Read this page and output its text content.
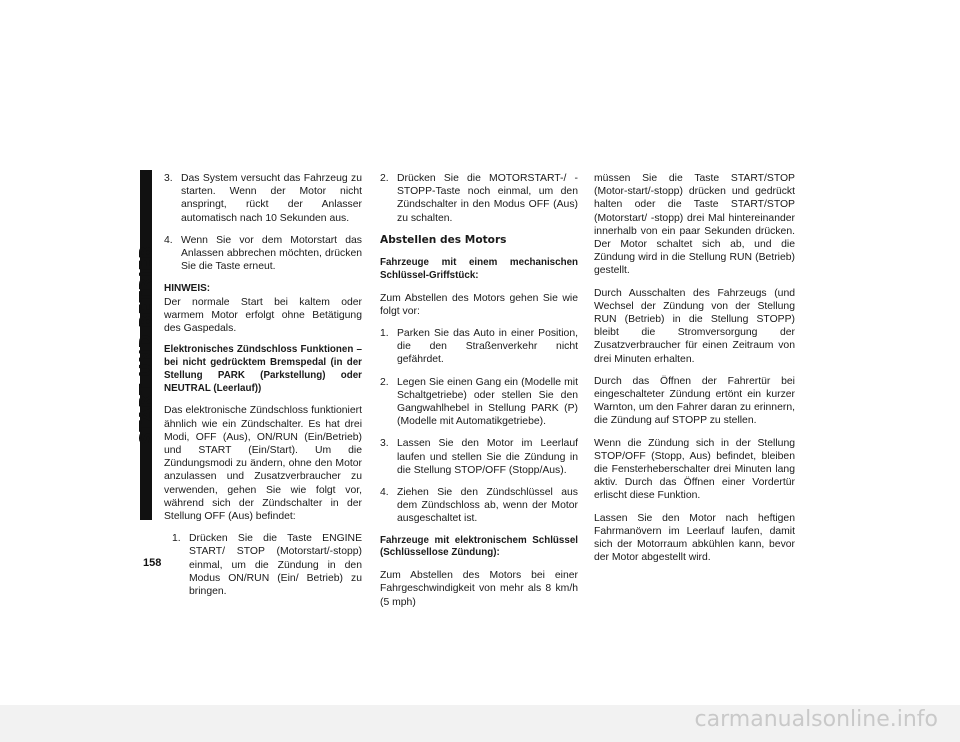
START UND BETRIEB
158
3. Das System versucht das Fahrzeug zu starten. Wenn der Motor nicht anspringt, rückt der Anlasser automatisch nach 10 Sekunden aus.
4. Wenn Sie vor dem Motorstart das Anlassen abbrechen möchten, drücken Sie die Taste erneut.

HINWEIS:

Der normale Start bei kaltem oder warmem Motor erfolgt ohne Betätigung des Gaspedals.

Elektronisches Zündschloss Funktionen – bei nicht gedrücktem Bremspedal (in der Stellung PARK (Parkstellung) oder NEUTRAL (Leerlauf))

Das elektronische Zündschloss funktioniert ähnlich wie ein Zündschalter. Es hat drei Modi, OFF (Aus), ON/RUN (Ein/Betrieb) und START (Ein/Start). Um die Zündungsmodi zu ändern, ohne den Motor anzulassen und Zusatzverbraucher zu verwenden, gehen Sie wie folgt vor, während sich der Zündschalter in der Stellung OFF (Aus) befindet:

1. Drücken Sie die Taste ENGINE START/ STOP (Motorstart/-stopp) einmal, um die Zündung in den Modus ON/RUN (Ein/ Betrieb) zu bringen.
2. Drücken Sie die MOTORSTART-/ -STOPP-Taste noch einmal, um den Zündschalter in den Modus OFF (Aus) zu schalten.
Abstellen des Motors

Fahrzeuge mit einem mechanischen Schlüssel-Griffstück:

Zum Abstellen des Motors gehen Sie wie folgt vor:

1. Parken Sie das Auto in einer Position, die den Straßenverkehr nicht gefährdet.
2. Legen Sie einen Gang ein (Modelle mit Schaltgetriebe) oder stellen Sie den Gangwahlhebel in Stellung PARK (P) (Modelle mit Automatikgetriebe).
3. Lassen Sie den Motor im Leerlauf laufen und stellen Sie die Zündung in die Stellung STOP/OFF (Stopp/Aus).
4. Ziehen Sie den Zündschlüssel aus dem Zündschloss ab, wenn der Motor ausgeschaltet ist.

Fahrzeuge mit elektronischem Schlüssel (Schlüssellose Zündung):

Zum Abstellen des Motors bei einer Fahrgeschwindigkeit von mehr als 8 km/h (5 mph)

müssen Sie die Taste START/STOP (Motor-start/-stopp) drücken und gedrückt halten oder die Taste START/STOP (Motorstart/ -stopp) drei Mal hintereinander innerhalb von ein paar Sekunden drücken. Der Motor schaltet sich ab, und die Zündung wird in die Stellung RUN (Betrieb) gestellt.

Durch Ausschalten des Fahrzeugs (und Wechsel der Zündung von der Stellung RUN (Betrieb) in die Stellung STOPP) bleibt die Stromversorgung der Zusatzverbraucher für einen Zeitraum von drei Minuten erhalten.

Durch das Öffnen der Fahrertür bei eingeschalteter Zündung ertönt ein kurzer Warnton, um den Fahrer daran zu erinnern, die Zündung auf STOPP zu stellen.

Wenn die Zündung sich in der Stellung STOP/OFF (Stopp, Aus) befindet, bleiben die Fensterheberschalter drei Minuten lang aktiv. Durch das Öffnen einer Vordertür erlischt diese Funktion.

Lassen Sie den Motor nach heftigen Fahrmanövern im Leerlauf laufen, damit sich der Motorraum abkühlen kann, bevor der Motor abgestellt wird.

carmanualsonline.info
